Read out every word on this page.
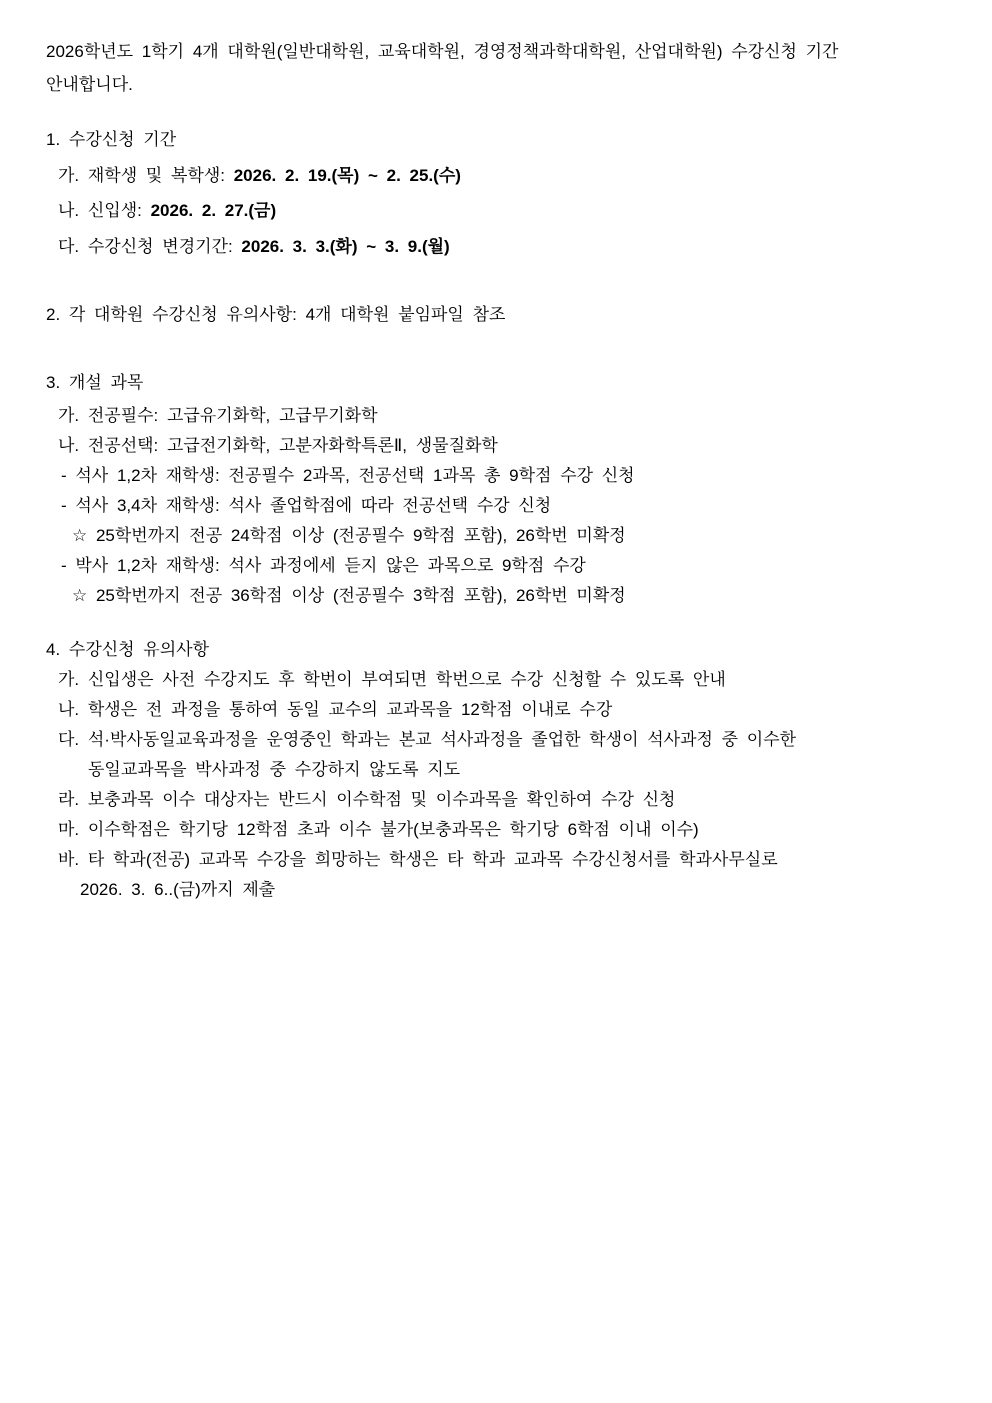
2026학년도 1학기 4개 대학원(일반대학원, 교육대학원, 경영정책과학대학원, 산업대학원) 수강신청 기간
안내합니다.
1. 수강신청 기간
가. 재학생 및 복학생: 2026. 2. 19.(목) ~ 2. 25.(수)
나. 신입생: 2026. 2. 27.(금)
다. 수강신청 변경기간: 2026. 3. 3.(화) ~ 3. 9.(월)
2. 각 대학원 수강신청 유의사항: 4개 대학원 붙임파일 참조
3. 개설 과목
가. 전공필수: 고급유기화학, 고급무기화학
나. 전공선택: 고급전기화학, 고분자화학특론Ⅱ, 생물질화학
- 석사 1,2차 재학생: 전공필수 2과목, 전공선택 1과목 총 9학점 수강 신청
- 석사 3,4차 재학생: 석사 졸업학점에 따라 전공선택 수강 신청
☆ 25학번까지 전공 24학점 이상 (전공필수 9학점 포함), 26학번 미확정
- 박사 1,2차 재학생: 석사 과정에세 듣지 않은 과목으로 9학점 수강
☆ 25학번까지 전공 36학점 이상 (전공필수 3학점 포함), 26학번 미확정
4. 수강신청 유의사항
가. 신입생은 사전 수강지도 후 학번이 부여되면 학번으로 수강 신청할 수 있도록 안내
나. 학생은 전 과정을 통하여 동일 교수의 교과목을 12학점 이내로 수강
다. 석·박사동일교육과정을 운영중인 학과는 본교 석사과정을 졸업한 학생이 석사과정 중 이수한
동일교과목을 박사과정 중 수강하지 않도록 지도
라. 보충과목 이수 대상자는 반드시 이수학점 및 이수과목을 확인하여 수강 신청
마. 이수학점은 학기당 12학점 초과 이수 불가(보충과목은 학기당 6학점 이내 이수)
바. 타 학과(전공) 교과목 수강을 희망하는 학생은 타 학과 교과목 수강신청서를 학과사무실로
2026. 3. 6..(금)까지 제출
